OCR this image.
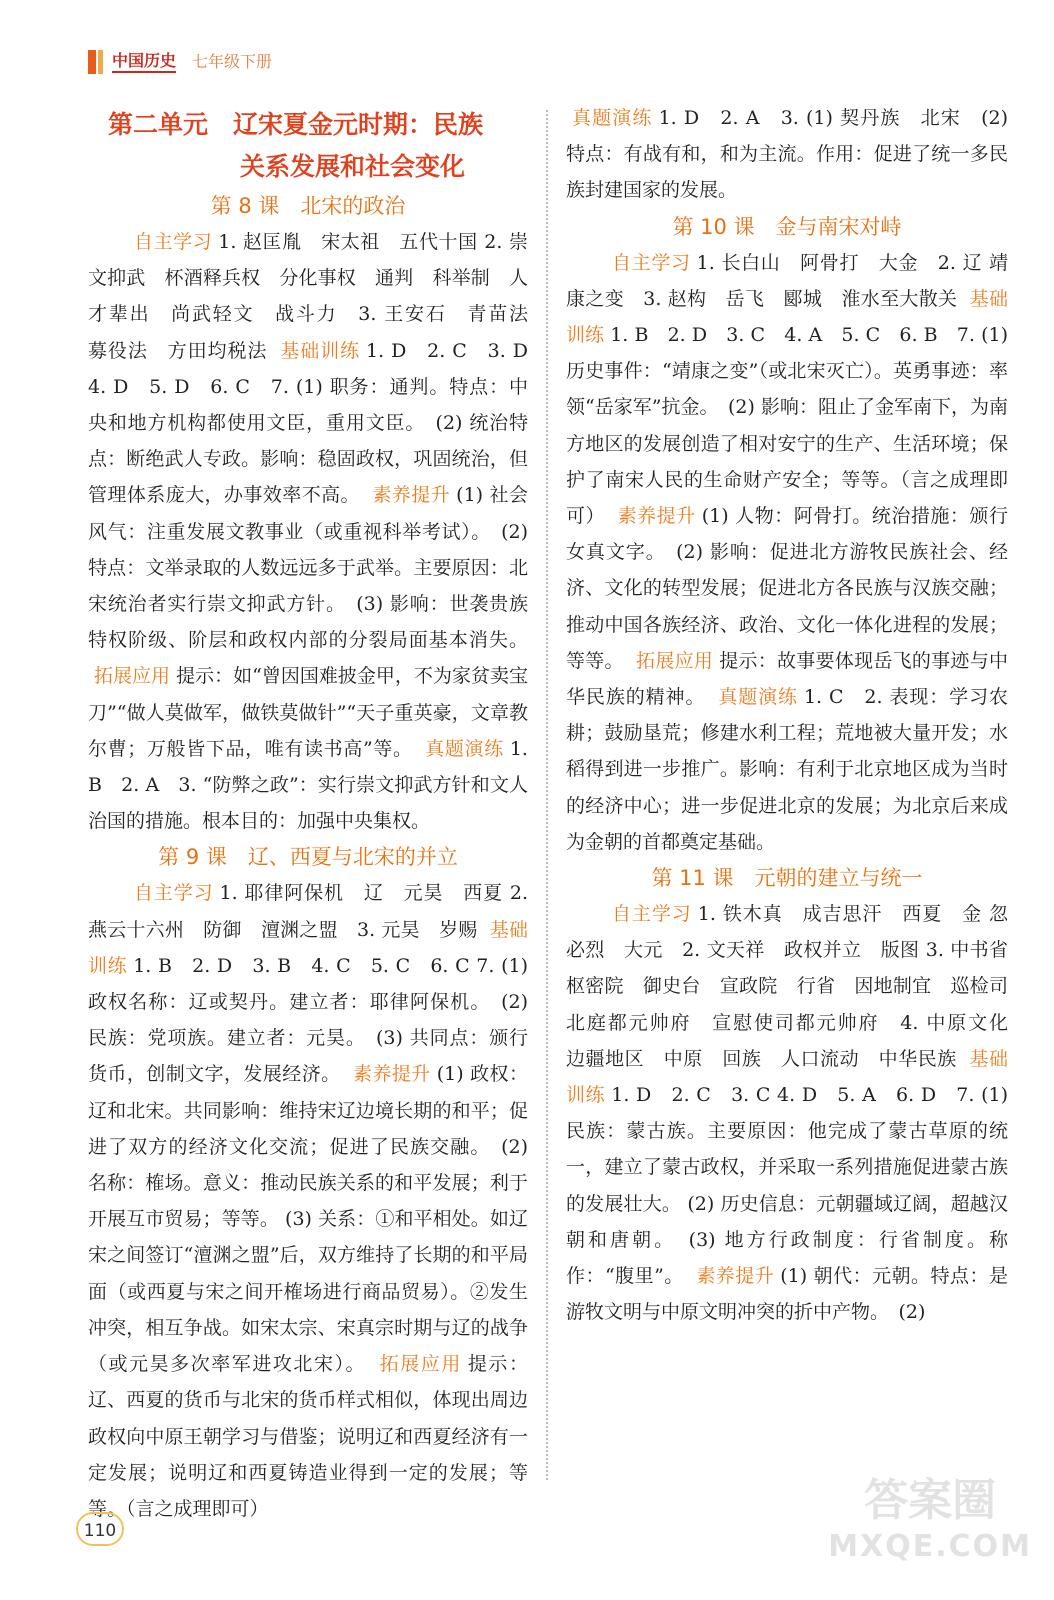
中国历史 七年级下册
第二单元　辽宋夏金元时期：民族
关系发展和社会变化
第 8 课　北宋的政治

自主学习 1. 赵匡胤　宋太祖　五代十国 2. 崇文抑武　杯酒释兵权　分化事权　通判　科举制　人才辈出　尚武轻文　战斗力　3. 王安石　青苗法　募役法　方田均税法 基础训练 1. D　2. C　3. D　4. D　5. D　6. C　7. (1) 职务：通判。特点：中央和地方机构都使用文臣，重用文臣。　(2) 统治特点：断绝武人专政。影响：稳固政权，巩固统治，但管理体系庞大，办事效率不高。 素养提升 (1) 社会风气：注重发展文教事业（或重视科举考试）。　(2) 特点：文举录取的人数远远多于武举。主要原因：北宋统治者实行崇文抑武方针。　(3) 影响：世袭贵族特权阶级、阶层和政权内部的分裂局面基本消失。 拓展应用 提示：如“曾因国难披金甲，不为家贫卖宝刀”“做人莫做军，做铁莫做针”“天子重英豪，文章教尔曹；万般皆下品，唯有读书高”等。 真题演练 1. B　2. A　3. “防弊之政”：实行崇文抑武方针和文人治国的措施。根本目的：加强中央集权。

第 9 课　辽、西夏与北宋的并立

自主学习 1. 耶律阿保机　辽　元昊　西夏 2. 燕云十六州　防御　澶渊之盟　3. 元昊　岁赐 基础训练 1. B　2. D　3. B　4. C　5. C　6. C 7. (1) 政权名称：辽或契丹。建立者：耶律阿保机。　(2) 民族：党项族。建立者：元昊。　(3) 共同点：颁行货币，创制文字，发展经济。 素养提升 (1) 政权：辽和北宋。共同影响：维持宋辽边境长期的和平；促进了双方的经济文化交流；促进了民族交融。　(2) 名称：榷场。意义：推动民族关系的和平发展；利于开展互市贸易；等等。 (3) 关系：①和平相处。如辽宋之间签订“澶渊之盟”后，双方维持了长期的和平局面（或西夏与宋之间开榷场进行商品贸易）。②发生冲突，相互争战。如宋太宗、宋真宗时期与辽的战争（或元昊多次率军进攻北宋）。 拓展应用 提示：辽、西夏的货币与北宋的货币样式相似，体现出周边政权向中原王朝学习与借鉴；说明辽和西夏经济有一定发展；说明辽和西夏铸造业得到一定的发展；等等。（言之成理即可）

真题演练 1. D　2. A　3. (1) 契丹族　北宋　(2) 特点：有战有和，和为主流。作用：促进了统一多民族封建国家的发展。

第 10 课　金与南宋对峙

自主学习 1. 长白山　阿骨打　大金　2. 辽 靖康之变　3. 赵构　岳飞　郾城　淮水至大散关 基础训练 1. B　2. D　3. C　4. A　5. C　6. B　7. (1) 历史事件：“靖康之变”（或北宋灭亡）。英勇事迹：率领“岳家军”抗金。　(2) 影响：阻止了金军南下，为南方地区的发展创造了相对安宁的生产、生活环境；保护了南宋人民的生命财产安全；等等。（言之成理即可） 素养提升 (1) 人物：阿骨打。统治措施：颁行女真文字。　(2) 影响：促进北方游牧民族社会、经济、文化的转型发展；促进北方各民族与汉族交融；推动中国各族经济、政治、文化一体化进程的发展；等等。 拓展应用 提示：故事要体现岳飞的事迹与中华民族的精神。 真题演练 1. C　2. 表现：学习农耕；鼓励垦荒；修建水利工程；荒地被大量开发；水稻得到进一步推广。影响：有利于北京地区成为当时的经济中心；进一步促进北京的发展；为北京后来成为金朝的首都奠定基础。

第 11 课　元朝的建立与统一

自主学习 1. 铁木真　成吉思汗　西夏　金 忽必烈　大元　2. 文天祥　政权并立　版图 3. 中书省　枢密院　御史台　宣政院　行省　因地制宜　巡检司　北庭都元帅府　宣慰使司都元帅府　4. 中原文化　边疆地区　中原　回族　人口流动　中华民族 基础训练 1. D　2. C　3. C 4. D　5. A　6. D　7. (1) 民族：蒙古族。主要原因：他完成了蒙古草原的统一，建立了蒙古政权，并采取一系列措施促进蒙古族的发展壮大。 (2) 历史信息：元朝疆域辽阔，超越汉朝和唐朝。　(3) 地方行政制度：行省制度。称作：“腹里”。 素养提升 (1) 朝代：元朝。特点：是游牧文明与中原文明冲突的折中产物。　(2)

110
答案圈
MXQE.COM
